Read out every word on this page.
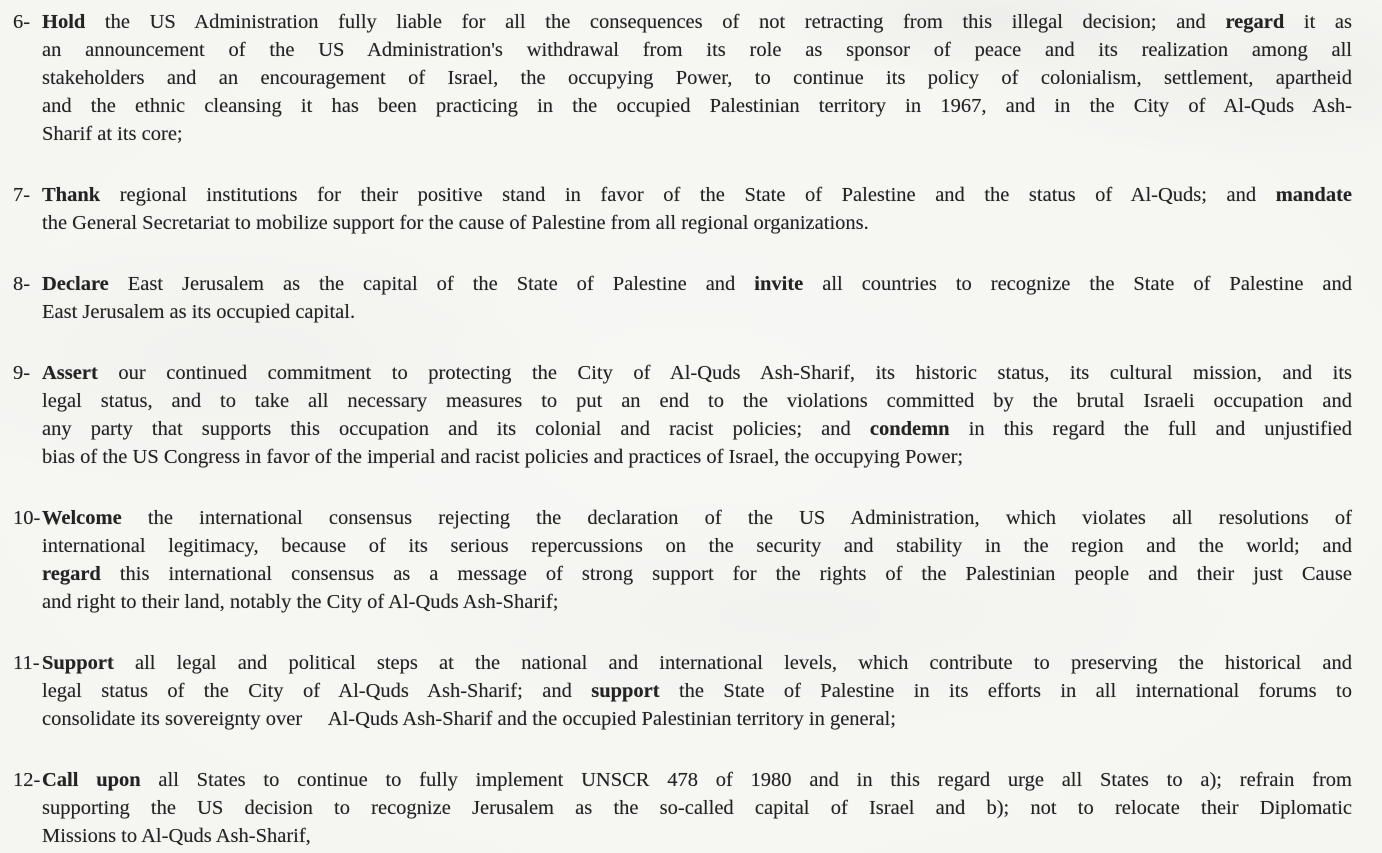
6- Hold the US Administration fully liable for all the consequences of not retracting from this illegal decision; and regard it as
an announcement of the US Administration's withdrawal from its role as sponsor of peace and its realization among all
stakeholders and an encouragement of Israel, the occupying Power, to continue its policy of colonialism, settlement, apartheid
and the ethnic cleansing it has been practicing in the occupied Palestinian territory in 1967, and in the City of Al-Quds Ash-
Sharif at its core;
7- Thank regional institutions for their positive stand in favor of the State of Palestine and the status of Al-Quds; and mandate
the General Secretariat to mobilize support for the cause of Palestine from all regional organizations.
8- Declare East Jerusalem as the capital of the State of Palestine and invite all countries to recognize the State of Palestine and
East Jerusalem as its occupied capital.
9- Assert our continued commitment to protecting the City of Al-Quds Ash-Sharif, its historic status, its cultural mission, and its
legal status, and to take all necessary measures to put an end to the violations committed by the brutal Israeli occupation and
any party that supports this occupation and its colonial and racist policies; and condemn in this regard the full and unjustified
bias of the US Congress in favor of the imperial and racist policies and practices of Israel, the occupying Power;
10- Welcome the international consensus rejecting the declaration of the US Administration, which violates all resolutions of
international legitimacy, because of its serious repercussions on the security and stability in the region and the world; and
regard this international consensus as a message of strong support for the rights of the Palestinian people and their just Cause
and right to their land, notably the City of Al-Quds Ash-Sharif;
11- Support all legal and political steps at the national and international levels, which contribute to preserving the historical and
legal status of the City of Al-Quds Ash-Sharif; and support the State of Palestine in its efforts in all international forums to
consolidate its sovereignty over     Al-Quds Ash-Sharif and the occupied Palestinian territory in general;
12- Call upon all States to continue to fully implement UNSCR 478 of 1980 and in this regard urge all States to a); refrain from
supporting the US decision to recognize Jerusalem as the so-called capital of Israel and b); not to relocate their Diplomatic
Missions to Al-Quds Ash-Sharif,
